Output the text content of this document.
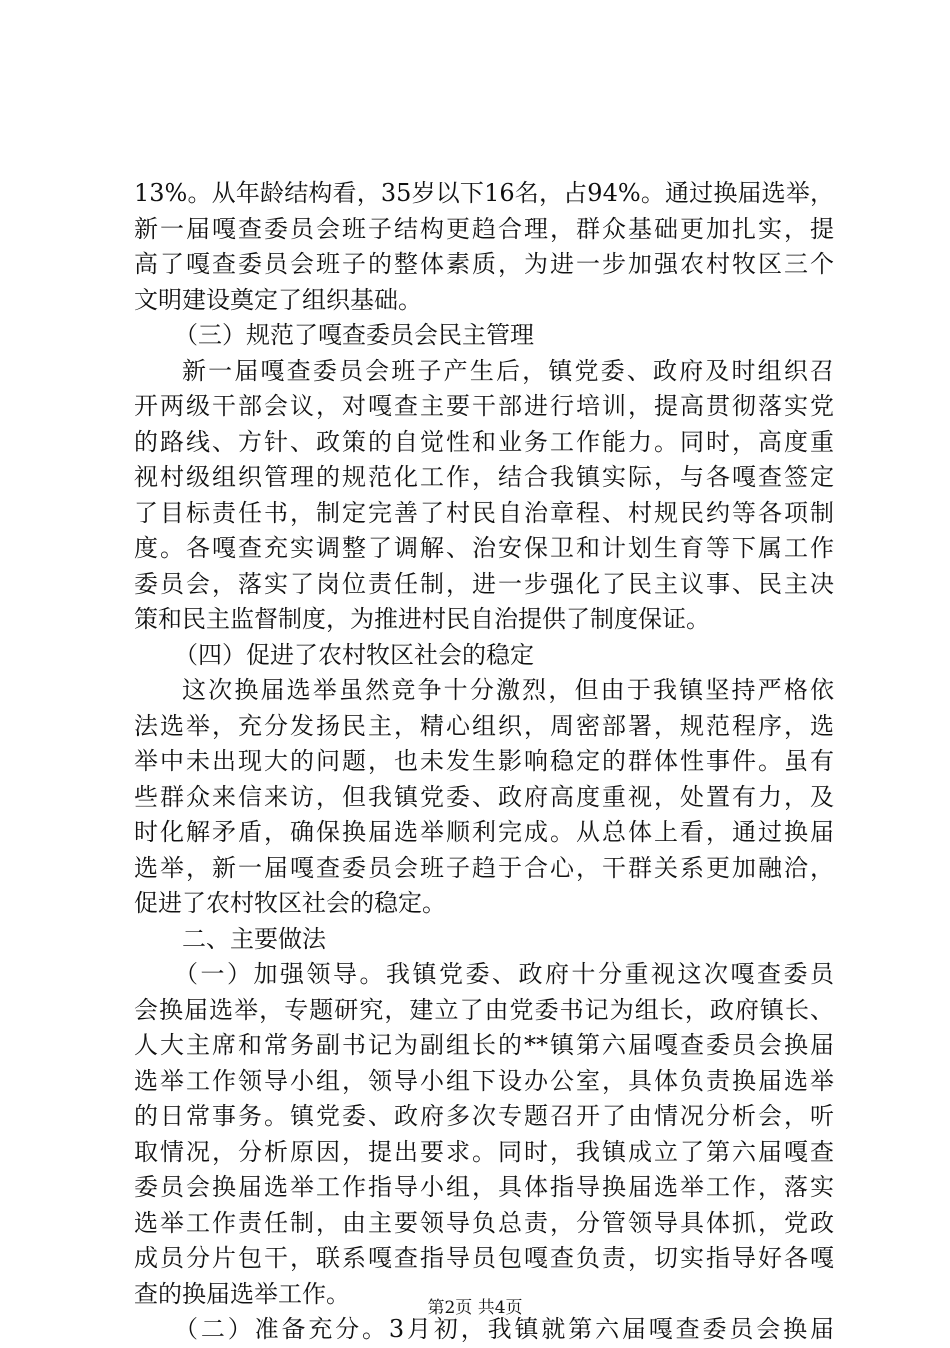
13%。从年龄结构看，35岁以下16名，占94%。通过换届选举，
新一届嘎查委员会班子结构更趋合理，群众基础更加扎实，提
高了嘎查委员会班子的整体素质，为进一步加强农村牧区三个
文明建设奠定了组织基础。
（三）规范了嘎查委员会民主管理
新一届嘎查委员会班子产生后，镇党委、政府及时组织召
开两级干部会议，对嘎查主要干部进行培训，提高贯彻落实党
的路线、方针、政策的自觉性和业务工作能力。同时，高度重
视村级组织管理的规范化工作，结合我镇实际，与各嘎查签定
了目标责任书，制定完善了村民自治章程、村规民约等各项制
度。各嘎查充实调整了调解、治安保卫和计划生育等下属工作
委员会，落实了岗位责任制，进一步强化了民主议事、民主决
策和民主监督制度，为推进村民自治提供了制度保证。
（四）促进了农村牧区社会的稳定
这次换届选举虽然竞争十分激烈，但由于我镇坚持严格依
法选举，充分发扬民主，精心组织，周密部署，规范程序，选
举中未出现大的问题，也未发生影响稳定的群体性事件。虽有
些群众来信来访，但我镇党委、政府高度重视，处置有力，及
时化解矛盾，确保换届选举顺利完成。从总体上看，通过换届
选举，新一届嘎查委员会班子趋于合心，干群关系更加融洽，
促进了农村牧区社会的稳定。
二、主要做法
（一）加强领导。我镇党委、政府十分重视这次嘎查委员
会换届选举，专题研究，建立了由党委书记为组长，政府镇长、
人大主席和常务副书记为副组长的**镇第六届嘎查委员会换届
选举工作领导小组，领导小组下设办公室，具体负责换届选举
的日常事务。镇党委、政府多次专题召开了由情况分析会，听
取情况，分析原因，提出要求。同时，我镇成立了第六届嘎查
委员会换届选举工作指导小组，具体指导换届选举工作，落实
选举工作责任制，由主要领导负总责，分管领导具体抓，党政
成员分片包干，联系嘎查指导员包嘎查负责，切实指导好各嘎
查的换届选举工作。
（二）准备充分。3月初，我镇就第六届嘎查委员会换届
第2页 共4页
